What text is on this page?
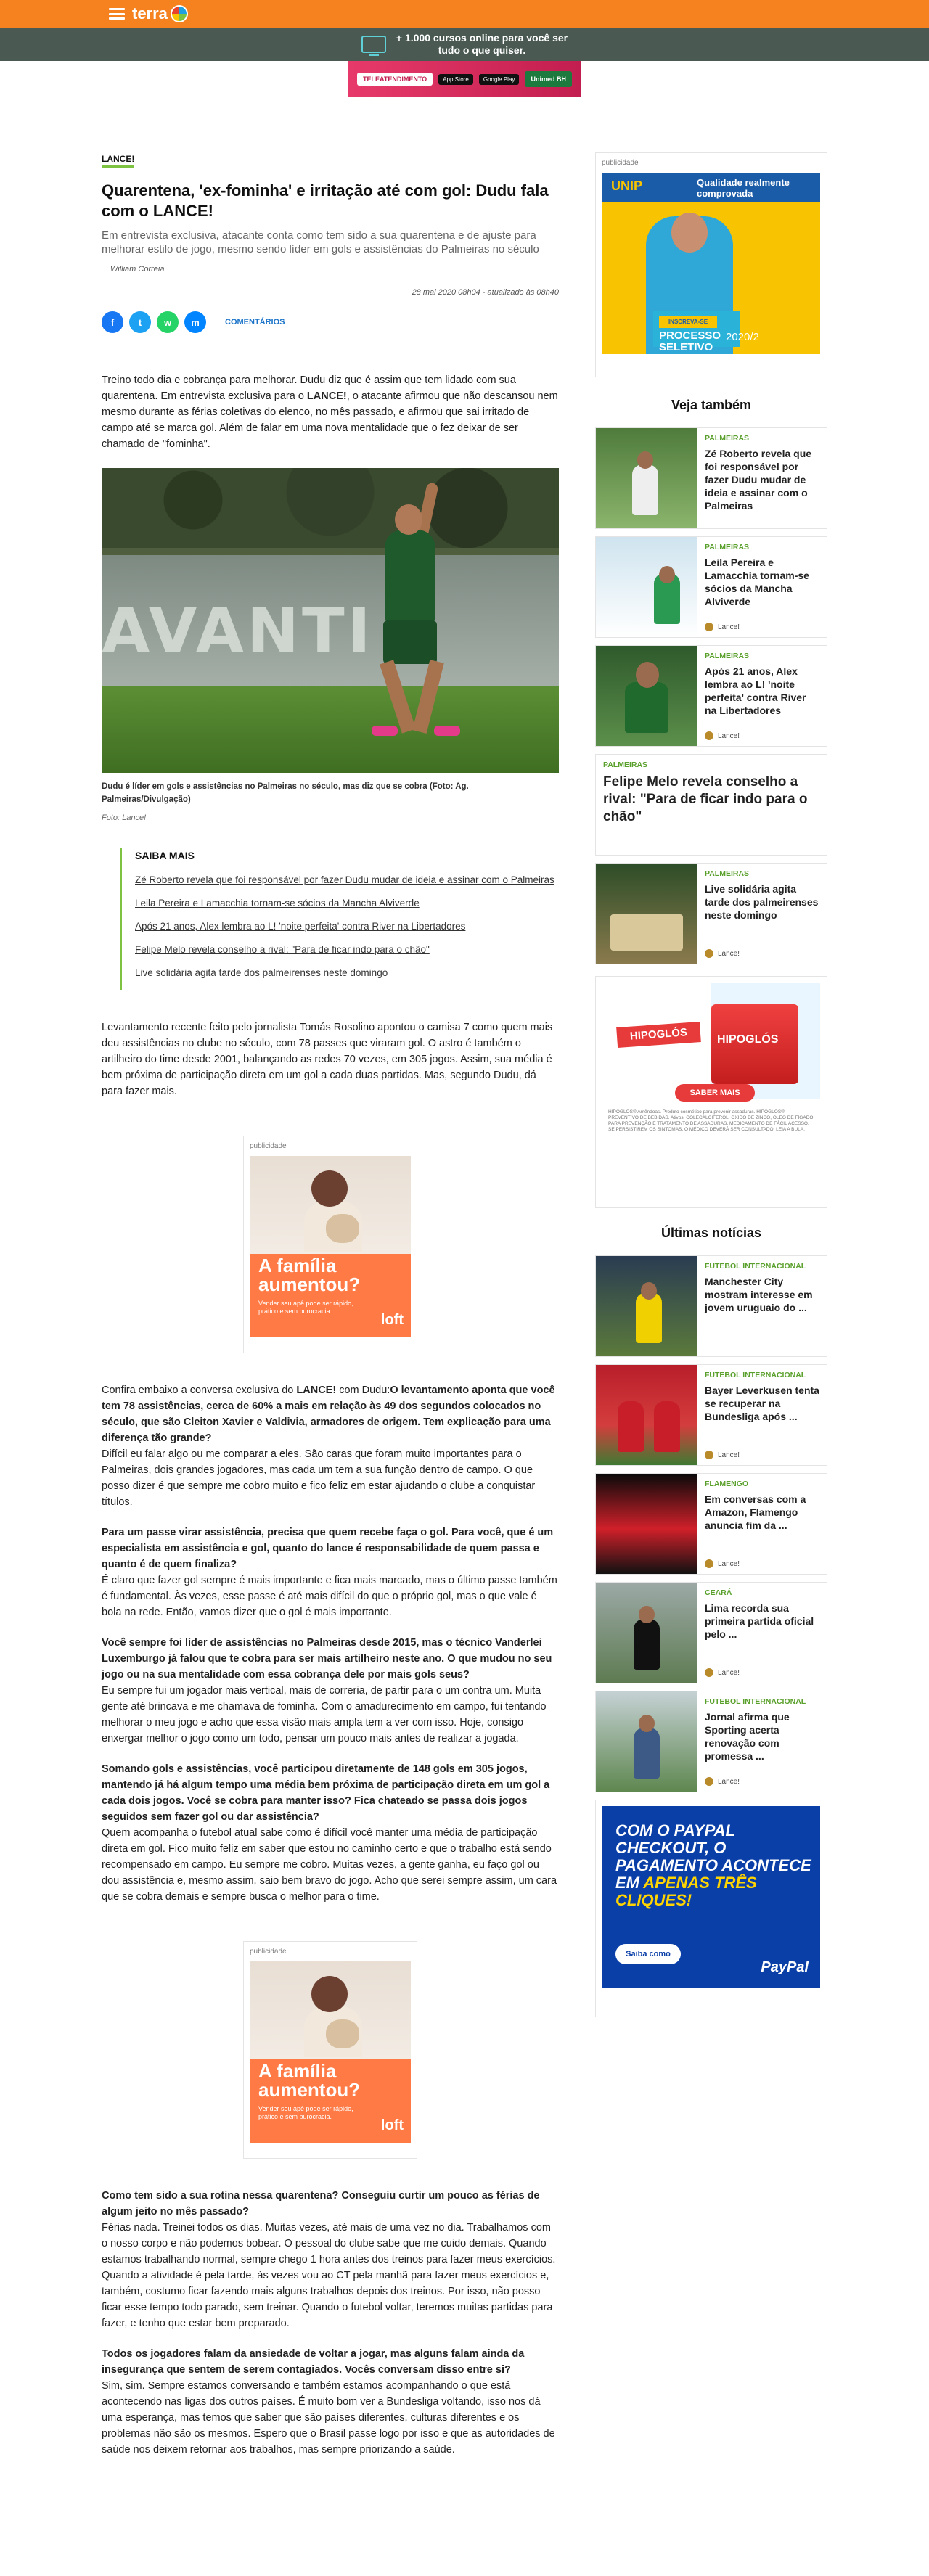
terra
+ 1.000 cursos online para você ser
tudo o que quiser.
TELEATENDIMENTO	App Store	Google Play	Unimed BH
LANCE!
Quarentena, 'ex-fominha' e irritação até com gol: Dudu fala com o LANCE!

Em entrevista exclusiva, atacante conta como tem sido a sua quarentena e de ajuste para melhorar estilo de jogo, mesmo sendo líder em gols e assistências do Palmeiras no século

William Correia

28 mai 2020 08h04 - atualizado às 08h40

f	t	w	m	COMENTÁRIOS

Treino todo dia e cobrança para melhorar. Dudu diz que é assim que tem lidado com sua quarentena. Em entrevista exclusiva para o LANCE!, o atacante afirmou que não descansou nem mesmo durante as férias coletivas do elenco, no mês passado, e afirmou que sai irritado de campo até se marca gol. Além de falar em uma nova mentalidade que o fez deixar de ser chamado de "fominha".

AVANTI

Dudu é líder em gols e assistências no Palmeiras no século, mas diz que se cobra (Foto: Ag. Palmeiras/Divulgação)

Foto: Lance!

SAIBA MAIS
Zé Roberto revela que foi responsável por fazer Dudu mudar de ideia e assinar com o Palmeiras
Leila Pereira e Lamacchia tornam-se sócios da Mancha Alviverde
Após 21 anos, Alex lembra ao L! 'noite perfeita' contra River na Libertadores
Felipe Melo revela conselho a rival: "Para de ficar indo para o chão"
Live solidária agita tarde dos palmeirenses neste domingo

Levantamento recente feito pelo jornalista Tomás Rosolino apontou o camisa 7 como quem mais deu assistências no clube no século, com 78 passes que viraram gol. O astro é também o artilheiro do time desde 2001, balançando as redes 70 vezes, em 305 jogos. Assim, sua média é bem próxima de participação direta em um gol a cada duas partidas. Mas, segundo Dudu, dá para fazer mais.

publicidade
A família aumentou?
Vender seu apê pode ser rápido, prático e sem burocracia.
loft

Confira embaixo a conversa exclusiva do LANCE! com Dudu:O levantamento aponta que você tem 78 assistências, cerca de 60% a mais em relação às 49 dos segundos colocados no século, que são Cleiton Xavier e Valdivia, armadores de origem. Tem explicação para uma diferença tão grande?
Difícil eu falar algo ou me comparar a eles. São caras que foram muito importantes para o Palmeiras, dois grandes jogadores, mas cada um tem a sua função dentro de campo. O que posso dizer é que sempre me cobro muito e fico feliz em estar ajudando o clube a conquistar títulos.

Para um passe virar assistência, precisa que quem recebe faça o gol. Para você, que é um especialista em assistência e gol, quanto do lance é responsabilidade de quem passa e quanto é de quem finaliza?
É claro que fazer gol sempre é mais importante e fica mais marcado, mas o último passe também é fundamental. Às vezes, esse passe é até mais difícil do que o próprio gol, mas o que vale é bola na rede. Então, vamos dizer que o gol é mais importante.

Você sempre foi líder de assistências no Palmeiras desde 2015, mas o técnico Vanderlei Luxemburgo já falou que te cobra para ser mais artilheiro neste ano. O que mudou no seu jogo ou na sua mentalidade com essa cobrança dele por mais gols seus?
Eu sempre fui um jogador mais vertical, mais de correria, de partir para o um contra um. Muita gente até brincava e me chamava de fominha. Com o amadurecimento em campo, fui tentando melhorar o meu jogo e acho que essa visão mais ampla tem a ver com isso. Hoje, consigo enxergar melhor o jogo como um todo, pensar um pouco mais antes de realizar a jogada.

Somando gols e assistências, você participou diretamente de 148 gols em 305 jogos, mantendo já há algum tempo uma média bem próxima de participação direta em um gol a cada dois jogos. Você se cobra para manter isso? Fica chateado se passa dois jogos seguidos sem fazer gol ou dar assistência?
Quem acompanha o futebol atual sabe como é difícil você manter uma média de participação direta em gol. Fico muito feliz em saber que estou no caminho certo e que o trabalho está sendo recompensado em campo. Eu sempre me cobro. Muitas vezes, a gente ganha, eu faço gol ou dou assistência e, mesmo assim, saio bem bravo do jogo. Acho que serei sempre assim, um cara que se cobra demais e sempre busca o melhor para o time.

publicidade
A família aumentou?
Vender seu apê pode ser rápido, prático e sem burocracia.
loft

Como tem sido a sua rotina nessa quarentena? Conseguiu curtir um pouco as férias de algum jeito no mês passado?
Férias nada. Treinei todos os dias. Muitas vezes, até mais de uma vez no dia. Trabalhamos com o nosso corpo e não podemos bobear. O pessoal do clube sabe que me cuido demais. Quando estamos trabalhando normal, sempre chego 1 hora antes dos treinos para fazer meus exercícios. Quando a atividade é pela tarde, às vezes vou ao CT pela manhã para fazer meus exercícios e, também, costumo ficar fazendo mais alguns trabalhos depois dos treinos. Por isso, não posso ficar esse tempo todo parado, sem treinar. Quando o futebol voltar, teremos muitas partidas para fazer, e tenho que estar bem preparado.

Todos os jogadores falam da ansiedade de voltar a jogar, mas alguns falam ainda da insegurança que sentem de serem contagiados. Vocês conversam disso entre si?
Sim, sim. Sempre estamos conversando e também estamos acompanhando o que está acontecendo nas ligas dos outros países. É muito bom ver a Bundesliga voltando, isso nos dá uma esperança, mas temos que saber que são países diferentes, culturas diferentes e os problemas não são os mesmos. Espero que o Brasil passe logo por isso e que as autoridades de saúde nos deixem retornar aos trabalhos, mas sempre priorizando a saúde.

publicidade
UNIP	Qualidade realmente comprovada
INSCREVA-SE
PROCESSO SELETIVO
2020/2
Veja também
PALMEIRAS
Zé Roberto revela que foi responsável por fazer Dudu mudar de ideia e assinar com o Palmeiras
PALMEIRAS
Leila Pereira e Lamacchia tornam-se sócios da Mancha Alviverde
Lance!
PALMEIRAS
Após 21 anos, Alex lembra ao L! 'noite perfeita' contra River na Libertadores
Lance!
PALMEIRAS
Felipe Melo revela conselho a rival: "Para de ficar indo para o chão"
PALMEIRAS
Live solidária agita tarde dos palmeirenses neste domingo
Lance!
HIPOGLÓS	HIPOGLÓS
SABER MAIS
HIPOGLÓS® Amêndoas. Produto cosmético para prevenir assaduras. HIPOGLÓS® PREVENTIVO DE BEBIDAS. Ativos: COLECALCIFEROL, ÓXIDO DE ZINCO, ÓLEO DE FÍGADO PARA PREVENÇÃO E TRATAMENTO DE ASSADURAS. MEDICAMENTO DE FÁCIL ACESSO. SE PERSISTIREM OS SINTOMAS, O MÉDICO DEVERÁ SER CONSULTADO. LEIA A BULA.
Últimas notícias
FUTEBOL INTERNACIONAL
Manchester City mostram interesse em jovem uruguaio do ...
FUTEBOL INTERNACIONAL
Bayer Leverkusen tenta se recuperar na Bundesliga após ...
Lance!
FLAMENGO
Em conversas com a Amazon, Flamengo anuncia fim da ...
Lance!
CEARÁ
Lima recorda sua primeira partida oficial pelo ...
Lance!
FUTEBOL INTERNACIONAL
Jornal afirma que Sporting acerta renovação com promessa ...
Lance!
COM O PAYPAL CHECKOUT, O PAGAMENTO ACONTECE EM APENAS TRÊS CLIQUES!
Saiba como
PayPal
